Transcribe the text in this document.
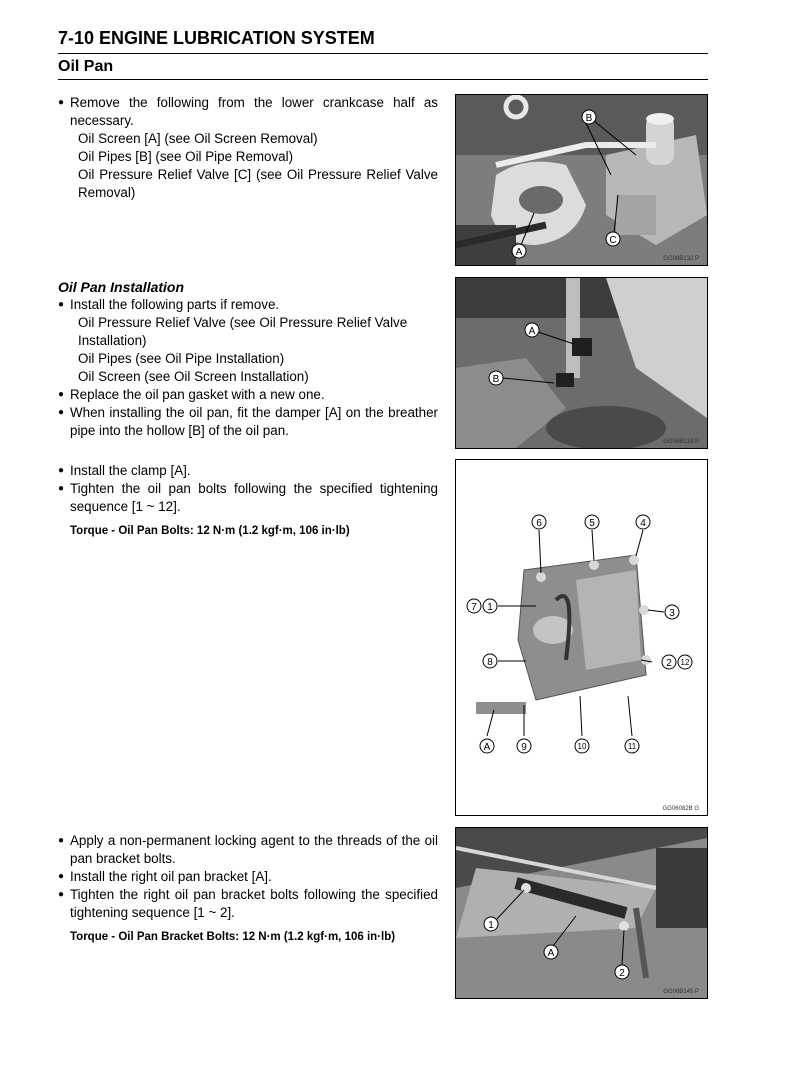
7-10 ENGINE LUBRICATION SYSTEM
Oil Pan

● Remove the following from the lower crankcase half as necessary.

Oil Screen [A] (see Oil Screen Removal)

Oil Pipes [B] (see Oil Pipe Removal)

Oil Pressure Relief Valve [C] (see Oil Pressure Relief Valve Removal)

Oil Pan Installation

● Install the following parts if remove.

Oil Pressure Relief Valve (see Oil Pressure Relief Valve Installation)

Oil Pipes (see Oil Pipe Installation)

Oil Screen (see Oil Screen Installation)

● Replace the oil pan gasket with a new one.

● When installing the oil pan, fit the damper [A] on the breather pipe into the hollow [B] of the oil pan.

● Install the clamp [A].

● Tighten the oil pan bolts following the specified tightening sequence [1 ~ 12].

Torque - Oil Pan Bolts: 12 N·m (1.2 kgf·m, 106 in·lb)

● Apply a non-permanent locking agent to the threads of the oil pan bracket bolts.

● Install the right oil pan bracket [A].

● Tighten the right oil pan bracket bolts following the specified tightening sequence [1 ~ 2].

Torque - Oil Pan Bracket Bolts: 12 N·m (1.2 kgf·m, 106 in·lb)

A
B
C
GG06B132 P
A
B
GG06B133 P
6	5	4
7 1
3
2 12
8
A	9	10	11
GG06082B G
1
A
2
GG06B145 P
